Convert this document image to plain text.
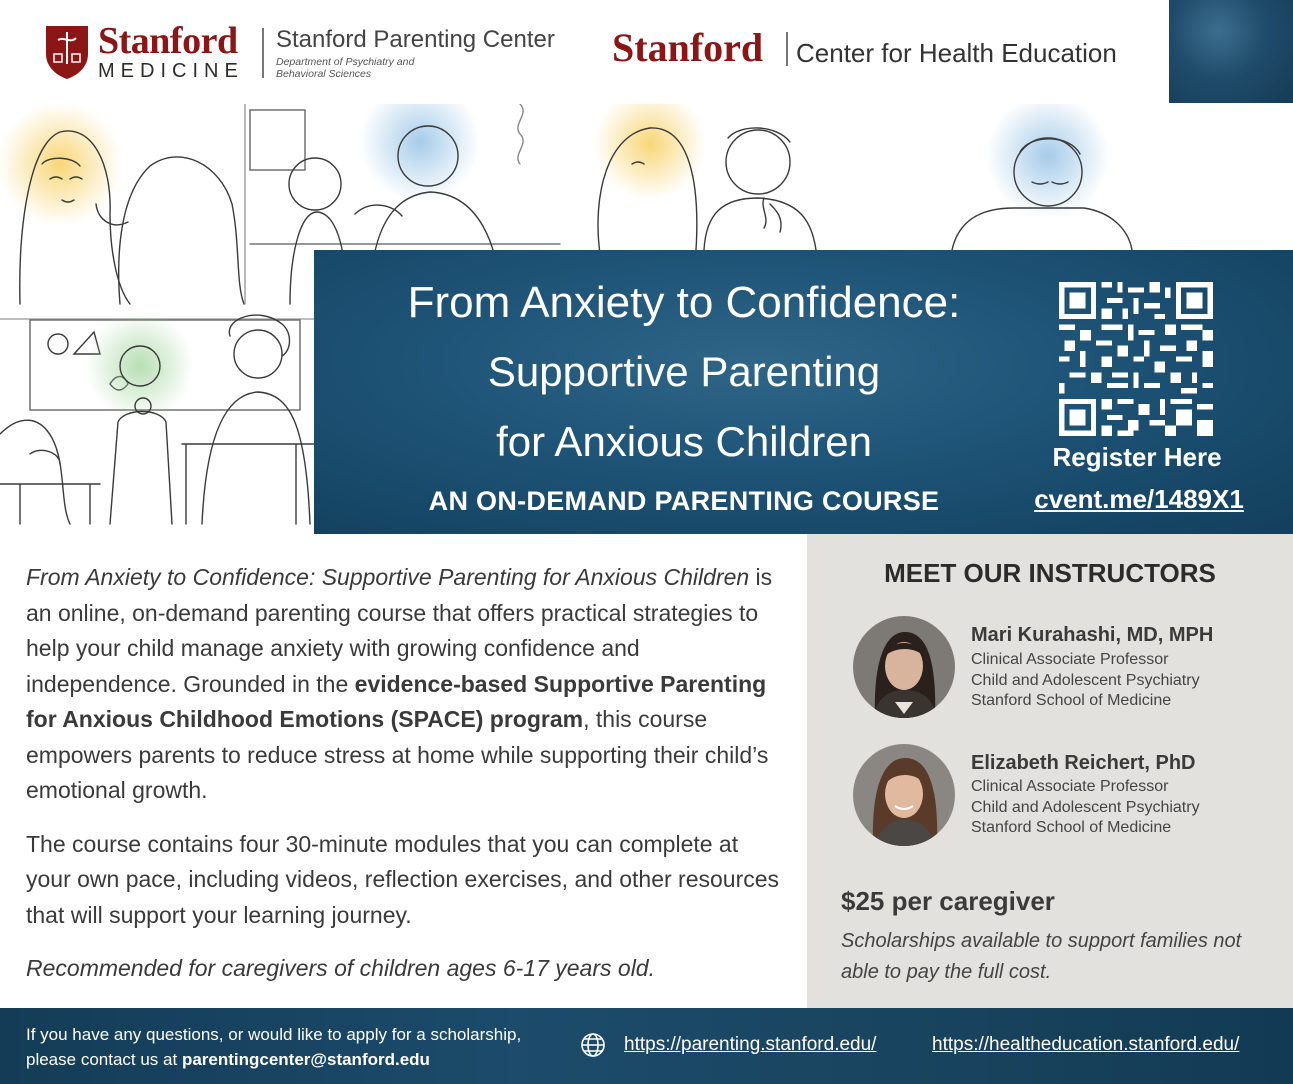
Stanford
MEDICINE
Stanford Parenting Center
Department of Psychiatry and
Behavioral Sciences
Stanford Center for Health Education
From Anxiety to Confidence:
Supportive Parenting
for Anxious Children
AN ON-DEMAND PARENTING COURSE
Register Here
cvent.me/1489X1

From Anxiety to Confidence: Supportive Parenting for Anxious Children is an online, on-demand parenting course that offers practical strategies to help your child manage anxiety with growing confidence and independence. Grounded in the evidence-based Supportive Parenting for Anxious Childhood Emotions (SPACE) program, this course empowers parents to reduce stress at home while supporting their child’s emotional growth.

The course contains four 30-minute modules that you can complete at your own pace, including videos, reflection exercises, and other resources that will support your learning journey.

Recommended for caregivers of children ages 6-17 years old.

MEET OUR INSTRUCTORS
Mari Kurahashi, MD, MPH
Clinical Associate Professor
Child and Adolescent Psychiatry
Stanford School of Medicine
Elizabeth Reichert, PhD
Clinical Associate Professor
Child and Adolescent Psychiatry
Stanford School of Medicine
$25 per caregiver
Scholarships available to support families not able to pay the full cost.
If you have any questions, or would like to apply for a scholarship,
please contact us at parentingcenter@stanford.edu
https://parenting.stanford.edu/	https://healtheducation.stanford.edu/
